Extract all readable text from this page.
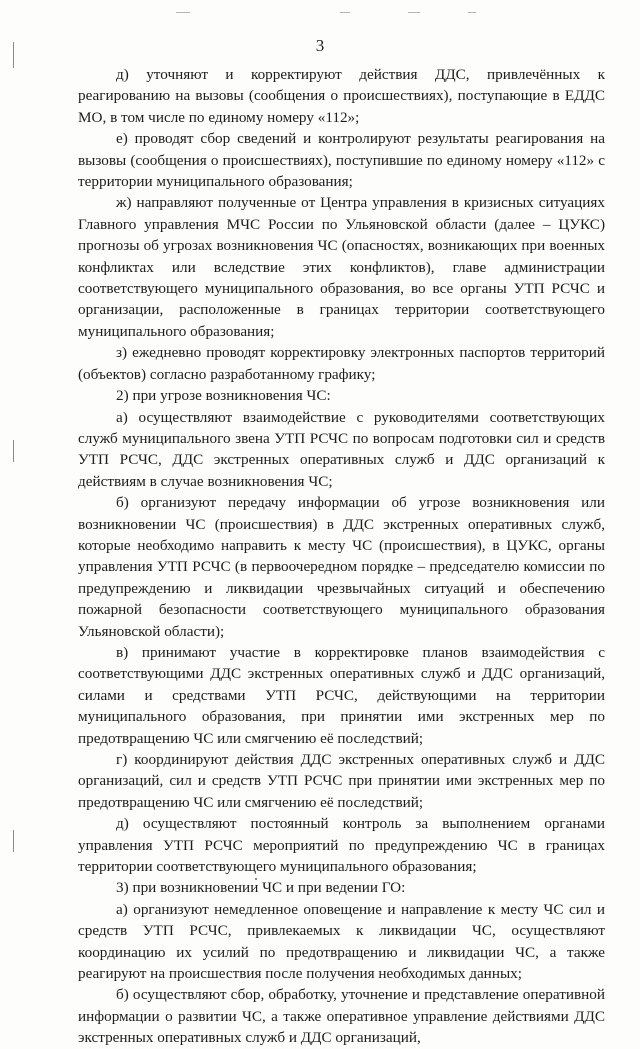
3

д) уточняют и корректируют действия ДДС, привлечённых к реагированию на вызовы (сообщения о происшествиях), поступающие в ЕДДС МО, в том числе по единому номеру «112»;

е) проводят сбор сведений и контролируют результаты реагирования на вызовы (сообщения о происшествиях), поступившие по единому номеру «112» с территории муниципального образования;

ж) направляют полученные от Центра управления в кризисных ситуациях Главного управления МЧС России по Ульяновской области (далее – ЦУКС) прогнозы об угрозах возникновения ЧС (опасностях, возникающих при военных конфликтах или вследствие этих конфликтов), главе администрации соответствующего муниципального образования, во все органы УТП РСЧС и организации, расположенные в границах территории соответствующего муниципального образования;

з) ежедневно проводят корректировку электронных паспортов территорий (объектов) согласно разработанному графику;

2) при угрозе возникновения ЧС:

а) осуществляют взаимодействие с руководителями соответствующих служб муниципального звена УТП РСЧС по вопросам подготовки сил и средств УТП РСЧС, ДДС экстренных оперативных служб и ДДС организаций к действиям в случае возникновения ЧС;

б) организуют передачу информации об угрозе возникновения или возникновении ЧС (происшествия) в ДДС экстренных оперативных служб, которые необходимо направить к месту ЧС (происшествия), в ЦУКС, органы управления УТП РСЧС (в первоочередном порядке – председателю комиссии по предупреждению и ликвидации чрезвычайных ситуаций и обеспечению пожарной безопасности соответствующего муниципального образования Ульяновской области);

в) принимают участие в корректировке планов взаимодействия с соответствующими ДДС экстренных оперативных служб и ДДС организаций, силами и средствами УТП РСЧС, действующими на территории муниципального образования, при принятии ими экстренных мер по предотвращению ЧС или смягчению её последствий;

г) координируют действия ДДС экстренных оперативных служб и ДДС организаций, сил и средств УТП РСЧС при принятии ими экстренных мер по предотвращению ЧС или смягчению её последствий;

д) осуществляют постоянный контроль за выполнением органами управления УТП РСЧС мероприятий по предупреждению ЧС в границах территории соответствующего муниципального образования;

3) при возникновении ЧС и при ведении ГО:

а) организуют немедленное оповещение и направление к месту ЧС сил и средств УТП РСЧС, привлекаемых к ликвидации ЧС, осуществляют координацию их усилий по предотвращению и ликвидации ЧС, а также реагируют на происшествия после получения необходимых данных;

б) осуществляют сбор, обработку, уточнение и представление оперативной информации о развитии ЧС, а также оперативное управление действиями ДДС экстренных оперативных служб и ДДС организаций,
